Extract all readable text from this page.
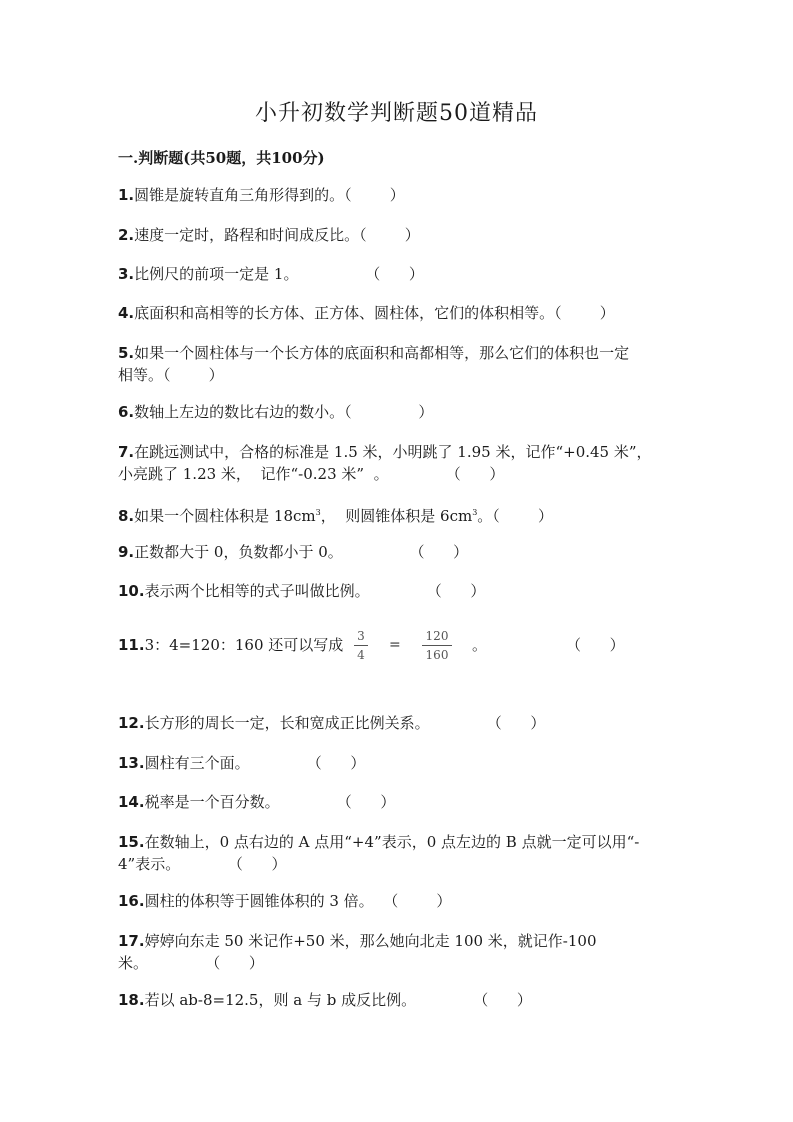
小升初数学判断题50道精品
一.判断题(共50题，共100分)
1.圆锥是旋转直角三角形得到的。（        ）
2.速度一定时，路程和时间成反比。（        ）
3.比例尺的前项一定是 1。              （      ）
4.底面积和高相等的长方体、正方体、圆柱体，它们的体积相等。（        ）
5.如果一个圆柱体与一个长方体的底面积和高都相等，那么它们的体积也一定
相等。（        ）
6.数轴上左边的数比右边的数小。（              ）
7.在跳远测试中，合格的标准是 1.5 米，小明跳了 1.95 米，记作“+0.45 米”，
小亮跳了 1.23 米，  记作“-0.23 米”  。            （      ）
8.如果一个圆柱体积是 $18cm^3$，  则圆锥体积是 $6cm^3$。（        ）
9.正数都大于 0，负数都小于 0。              （      ）
10.表示两个比相等的式子叫做比例。            （      ）
11.3：4=120：160 还可以写成	3
4
=
120
160
。	（      ）
12.长方形的周长一定，长和宽成正比例关系。            （      ）
13.圆柱有三个面。            （      ）
14.税率是一个百分数。            （      ）
15.在数轴上，0 点右边的 A 点用“+4”表示，0 点左边的 B 点就一定可以用“-
4”表示。          （      ）
16.圆柱的体积等于圆锥体积的 3 倍。  （        ）
17.婷婷向东走 50 米记作+50 米，那么她向北走 100 米，就记作-100
米。            （      ）
18.若以 ab-8=12.5，则 a 与 b 成反比例。            （      ）
